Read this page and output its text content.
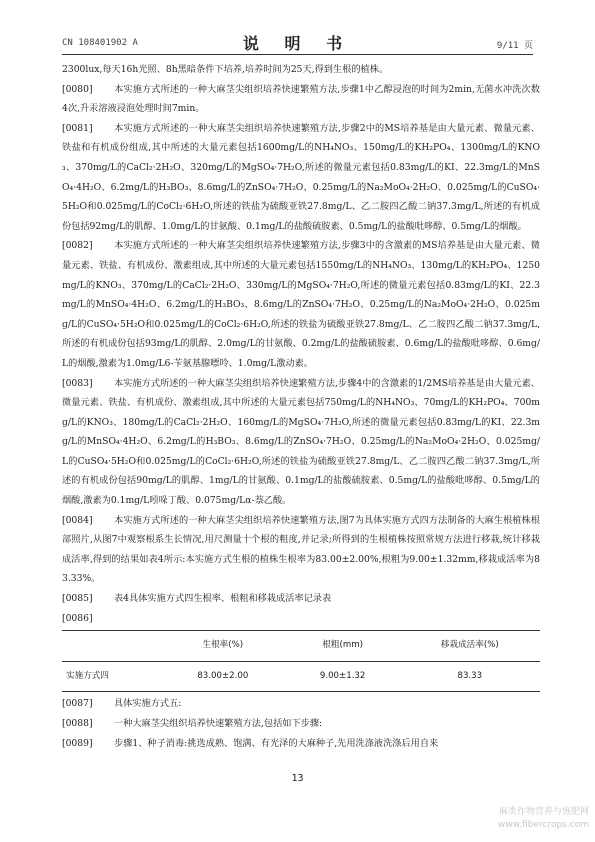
CN 108401902 A	说 明 书	9/11 页

2300lux,每天16h光照、8h黑暗条件下培养,培养时间为25天,得到生根的植株。

[0080] 本实施方式所述的一种大麻茎尖组织培养快速繁殖方法,步骤1中乙醇浸泡的时间为2min,无菌水冲洗次数4次,升汞溶液浸泡处理时间7min。

[0081] 本实施方式所述的一种大麻茎尖组织培养快速繁殖方法,步骤2中的MS培养基是由大量元素、微量元素、铁盐和有机成份组成,其中所述的大量元素包括1600mg/L的NH₄NO₃、150mg/L的KH₂PO₄、1300mg/L的KNO₃、370mg/L的CaCl₂·2H₂O、320mg/L的MgSO₄·7H₂O,所述的微量元素包括0.83mg/L的KI、22.3mg/L的MnSO₄·4H₂O、6.2mg/L的H₃BO₃、8.6mg/L的ZnSO₄·7H₂O、0.25mg/L的Na₂MoO₄·2H₂O、0.025mg/L的CuSO₄·5H₂O和0.025mg/L的CoCl₂·6H₂O,所述的铁盐为硫酸亚铁27.8mg/L、乙二胺四乙酸二钠37.3mg/L,所述的有机成份包括92mg/L的肌醇、1.0mg/L的甘氨酸、0.1mg/L的盐酸硫胺素、0.5mg/L的盐酸吡哆醇、0.5mg/L的烟酸。

[0082] 本实施方式所述的一种大麻茎尖组织培养快速繁殖方法,步骤3中的含激素的MS培养基是由大量元素、微量元素、铁盐、有机成份、激素组成,其中所述的大量元素包括1550mg/L的NH₄NO₃、130mg/L的KH₂PO₄、1250mg/L的KNO₃、370mg/L的CaCl₂·2H₂O、330mg/L的MgSO₄·7H₂O,所述的微量元素包括0.83mg/L的KI、22.3mg/L的MnSO₄·4H₂O、6.2mg/L的H₃BO₃、8.6mg/L的ZnSO₄·7H₂O、0.25mg/L的Na₂MoO₄·2H₂O、0.025mg/L的CuSO₄·5H₂O和0.025mg/L的CoCl₂·6H₂O,所述的铁盐为硫酸亚铁27.8mg/L、乙二胺四乙酸二钠37.3mg/L,所述的有机成份包括93mg/L的肌醇、2.0mg/L的甘氨酸、0.2mg/L的盐酸硫胺素、0.6mg/L的盐酸吡哆醇、0.6mg/L的烟酸,激素为1.0mg/L6-苄氨基腺嘌呤、1.0mg/L激动素。

[0083] 本实施方式所述的一种大麻茎尖组织培养快速繁殖方法,步骤4中的含激素的1/2MS培养基是由大量元素、微量元素、铁盐、有机成份、激素组成,其中所述的大量元素包括750mg/L的NH₄NO₃、70mg/L的KH₂PO₄、700mg/L的KNO₃、180mg/L的CaCl₂·2H₂O、160mg/L的MgSO₄·7H₂O,所述的微量元素包括0.83mg/L的KI、22.3mg/L的MnSO₄·4H₂O、6.2mg/L的H₃BO₃、8.6mg/L的ZnSO₄·7H₂O、0.25mg/L的Na₂MoO₄·2H₂O、0.025mg/L的CuSO₄·5H₂O和0.025mg/L的CoCl₂·6H₂O,所述的铁盐为硫酸亚铁27.8mg/L、乙二胺四乙酸二钠37.3mg/L,所述的有机成份包括90mg/L的肌醇、1mg/L的甘氨酸、0.1mg/L的盐酸硫胺素、0.5mg/L的盐酸吡哆醇、0.5mg/L的烟酸,激素为0.1mg/L吲哚丁酸、0.075mg/Lα-萘乙酸。

[0084] 本实施方式所述的一种大麻茎尖组织培养快速繁殖方法,图7为具体实施方式四方法制备的大麻生根植株根部照片,从图7中观察根系生长情况,用尺测量十个根的粗度,并记录;所得到的生根植株按照常规方法进行移栽,统计移栽成活率,得到的结果如表4所示:本实施方式生根的植株生根率为83.00±2.00%,根粗为9.00±1.32mm,移栽成活率为83.33%。

[0085] 表4具体实施方式四生根率、根粗和移栽成活率记录表

[0086]

	生根率(%)	根粗(mm)	移栽成活率(%)
实施方式四	83.00±2.00	9.00±1.32	83.33

[0087] 具体实施方式五:

[0088] 一种大麻茎尖组织培养快速繁殖方法,包括如下步骤:

[0089] 步骤1、种子消毒:挑选成熟、饱满、有光泽的大麻种子,先用洗涤液洗涤后用自来

13
麻类作物营养与施肥网
www.fibercrops.com
